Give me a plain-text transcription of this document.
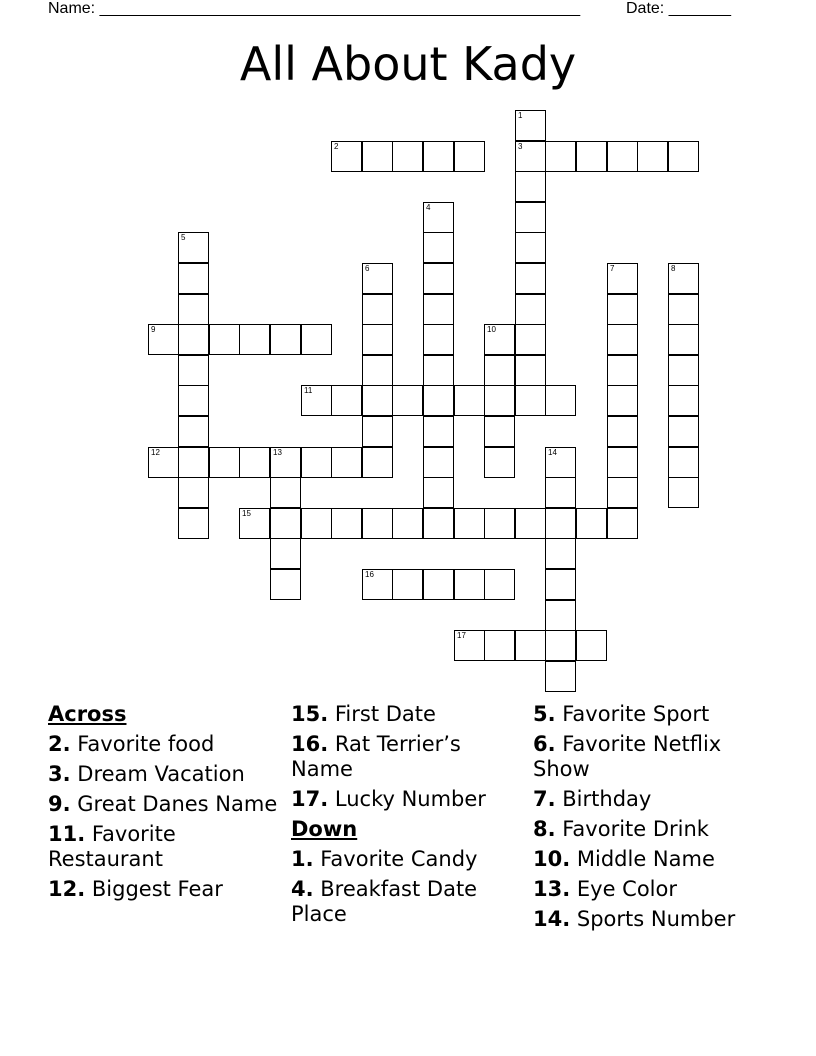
Name: ______________________________________________________	Date: _______
All About Kady
1
3
2
4
5
6	7	8
9	10
11
12	13	14
15
16
17
Across
2. Favorite food
3. Dream Vacation
9. Great Danes Name
11. Favorite Restaurant
12. Biggest Fear
15. First Date
16. Rat Terrier’s Name
17. Lucky Number
Down
1. Favorite Candy
4. Breakfast Date Place
5. Favorite Sport
6. Favorite Netflix Show
7. Birthday
8. Favorite Drink
10. Middle Name
13. Eye Color
14. Sports Number
